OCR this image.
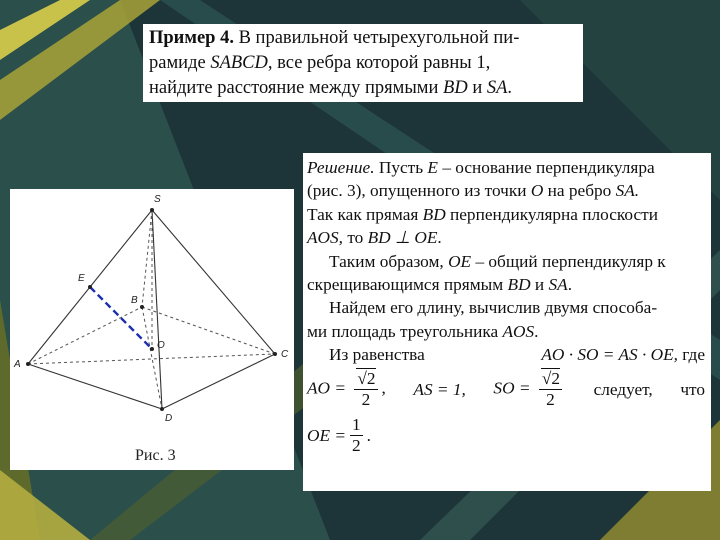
Пример 4. В правильной четырехугольной пи-
рамиде SABCD, все ребра которой равны 1,
найдите расстояние между прямыми BD и SA.
S
E
B
A
O
C
D
Рис. 3
Решение. Пусть E – основание перпендикуляра
(рис. 3), опущенного из точки O на ребро SA.
Так как прямая BD перпендикулярна плоскости
AOS, то BD ⊥ OE.
Таким образом, OE – общий перпендикуляр к
скрещивающимся прямым BD и SA.
Найдем его длину, вычислив двумя способа-
ми площадь треугольника AOS.
Из равенства	AO · SO = AS · OE, где
AO = $\frac{√2}{2}$ , AS = 1, SO = $\frac{√2}{2}$ следует, что
OE = $\frac{1}{2}$ .
